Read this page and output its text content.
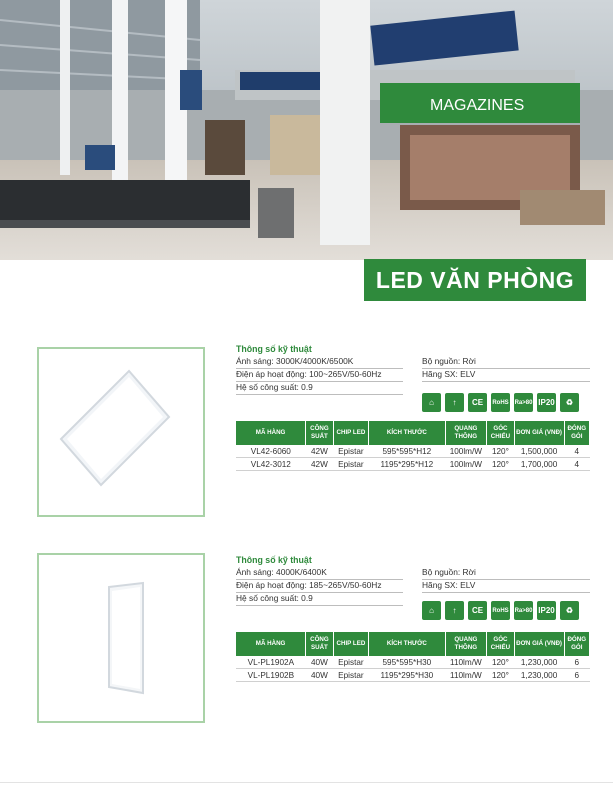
MAGAZINES
LED VĂN PHÒNG
Thông số kỹ thuật
Ánh sáng: 3000K/4000K/6500K
Điện áp hoạt động: 100~265V/50-60Hz
Hệ số công suất: 0.9
Bộ nguồn: Rời
Hãng SX: ELV
⌂	↑	CE	RoHS Ra>80 IP20	♻
MÃ HÀNG	CÔNG SUẤT	CHIP LED	KÍCH THƯỚC	QUANG THÔNG	GÓC CHIẾU	ĐƠN GIÁ (VNĐ)	ĐÓNG GÓI
VL42-6060	42W	Epistar	595*595*H12	100lm/W	120°	1,500,000	4
VL42-3012	42W	Epistar	1195*295*H12	100lm/W	120°	1,700,000	4
Thông số kỹ thuật
Ánh sáng: 4000K/6400K
Điện áp hoạt động: 185~265V/50-60Hz
Hệ số công suất: 0.9
Bộ nguồn: Rời
Hãng SX: ELV
⌂	↑	CE	RoHS Ra>80 IP20	♻
MÃ HÀNG	CÔNG SUẤT	CHIP LED	KÍCH THƯỚC	QUANG THÔNG	GÓC CHIẾU	ĐƠN GIÁ (VNĐ)	ĐÓNG GÓI
VL-PL1902A	40W	Epistar	595*595*H30	110lm/W	120°	1,230,000	6
VL-PL1902B	40W	Epistar	1195*295*H30	110lm/W	120°	1,230,000	6
